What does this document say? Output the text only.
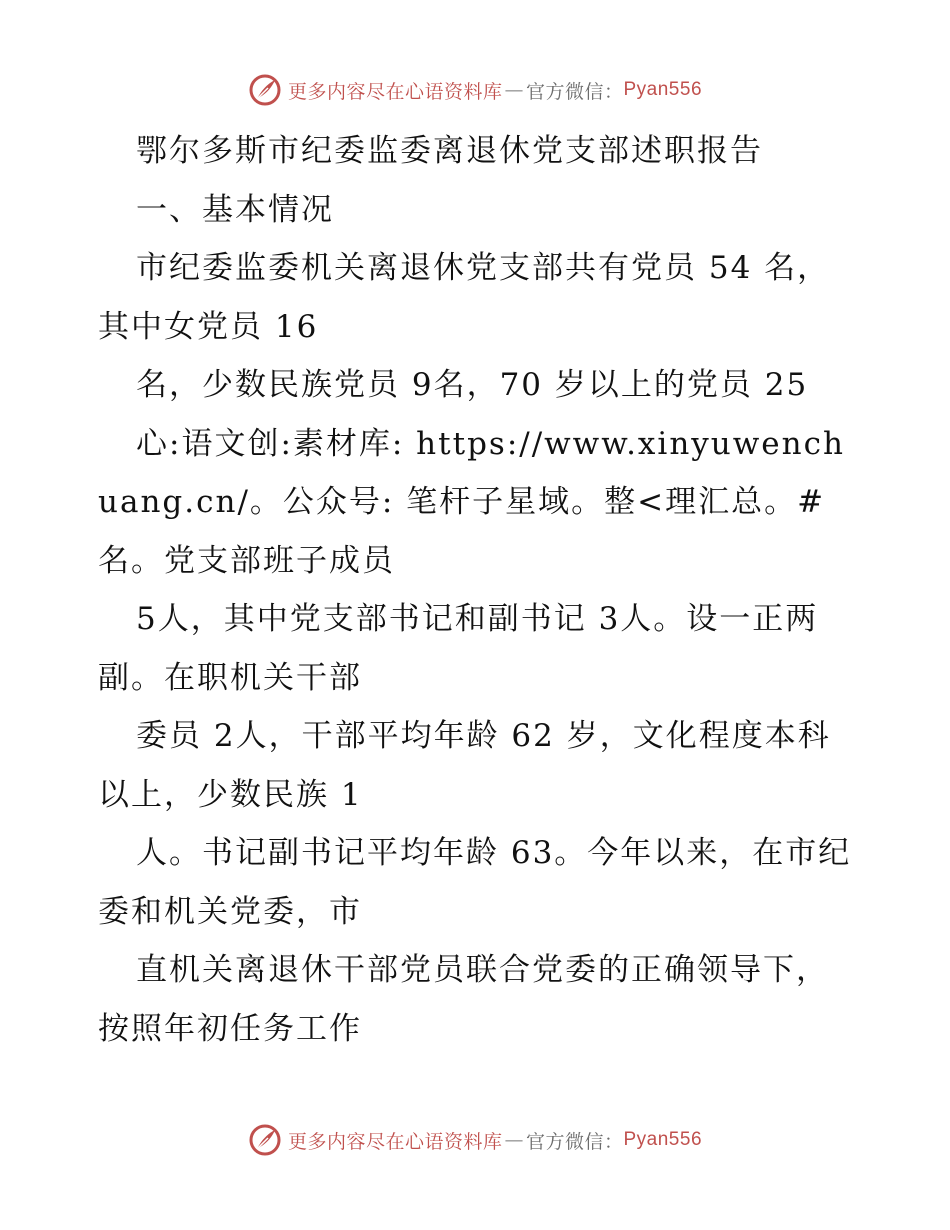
更多内容尽在心语资料库 — 官方微信： Pyan556

鄂尔多斯市纪委监委离退休党支部述职报告

一、基本情况

市纪委监委机关离退休党支部共有党员 54 名，其中女党员 16

名，少数民族党员 9名，70 岁以上的党员 25

心:语文创:素材库: https://www.xinyuwenchuang.cn/。公众号: 笔杆子星域。整<理汇总。#名。党支部班子成员

5人，其中党支部书记和副书记 3人。设一正两副。在职机关干部

委员 2人，干部平均年龄 62 岁，文化程度本科以上，少数民族 1

人。书记副书记平均年龄 63。今年以来，在市纪委和机关党委，市

直机关离退休干部党员联合党委的正确领导下，按照年初任务工作

更多内容尽在心语资料库 — 官方微信： Pyan556
